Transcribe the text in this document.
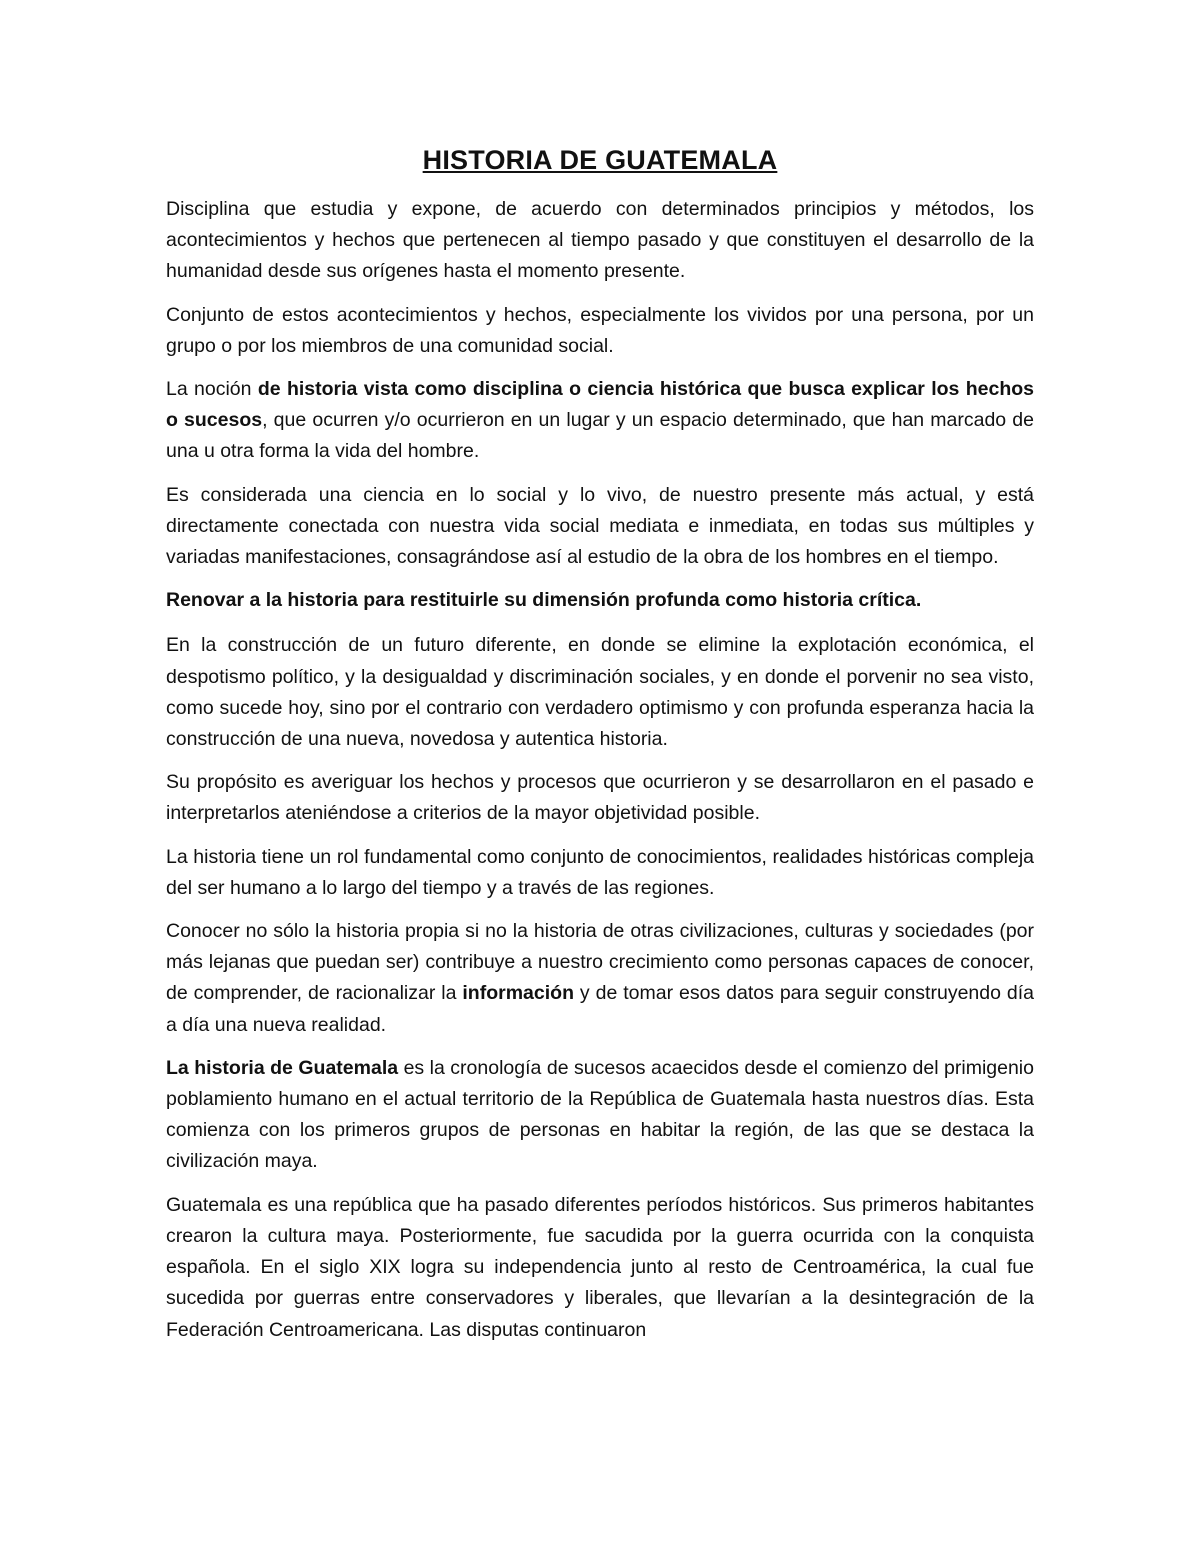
HISTORIA DE GUATEMALA

Disciplina que estudia y expone, de acuerdo con determinados principios y métodos, los acontecimientos y hechos que pertenecen al tiempo pasado y que constituyen el desarrollo de la humanidad desde sus orígenes hasta el momento presente.

Conjunto de estos acontecimientos y hechos, especialmente los vividos por una persona, por un grupo o por los miembros de una comunidad social.

La noción de historia vista como disciplina o ciencia histórica que busca explicar los hechos o sucesos, que ocurren y/o ocurrieron en un lugar y un espacio determinado, que han marcado de una u otra forma la vida del hombre.

Es considerada una ciencia en lo social y lo vivo, de nuestro presente más actual, y está directamente conectada con nuestra vida social mediata e inmediata, en todas sus múltiples y variadas manifestaciones, consagrándose así al estudio de la obra de los hombres en el tiempo.

Renovar a la historia para restituirle su dimensión profunda como historia crítica.

En la construcción de un futuro diferente, en donde se elimine la explotación económica, el despotismo político, y la desigualdad y discriminación sociales, y en donde el porvenir no sea visto, como sucede hoy, sino por el contrario con verdadero optimismo y con profunda esperanza hacia la construcción de una nueva, novedosa y autentica historia.

Su propósito es averiguar los hechos y procesos que ocurrieron y se desarrollaron en el pasado e interpretarlos ateniéndose a criterios de la mayor objetividad posible.

La historia tiene un rol fundamental como conjunto de conocimientos, realidades históricas compleja del ser humano a lo largo del tiempo y a través de las regiones.

Conocer no sólo la historia propia si no la historia de otras civilizaciones, culturas y sociedades (por más lejanas que puedan ser) contribuye a nuestro crecimiento como personas capaces de conocer, de comprender, de racionalizar la información y de tomar esos datos para seguir construyendo día a día una nueva realidad.

La historia de Guatemala es la cronología de sucesos acaecidos desde el comienzo del primigenio poblamiento humano en el actual territorio de la República de Guatemala hasta nuestros días. Esta comienza con los primeros grupos de personas en habitar la región, de las que se destaca la civilización maya.

Guatemala es una república que ha pasado diferentes períodos históricos. Sus primeros habitantes crearon la cultura maya. Posteriormente, fue sacudida por la guerra ocurrida con la conquista española. En el siglo XIX logra su independencia junto al resto de Centroamérica, la cual fue sucedida por guerras entre conservadores y liberales, que llevarían a la desintegración de la Federación Centroamericana. Las disputas continuaron
